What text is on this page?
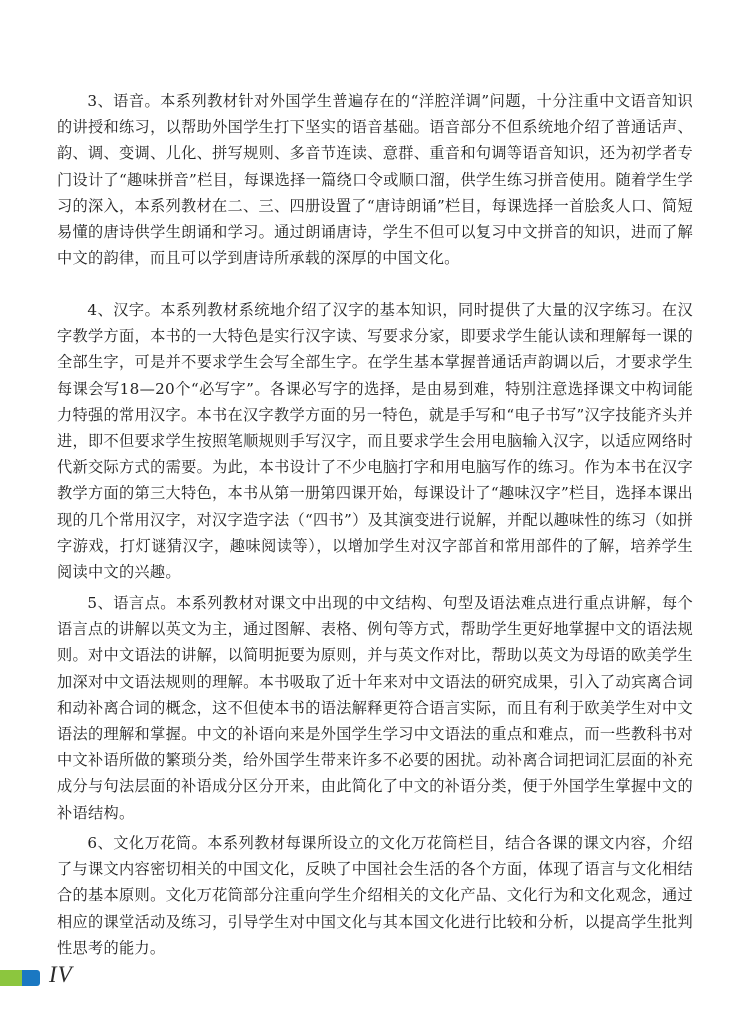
3、语音。本系列教材针对外国学生普遍存在的“洋腔洋调”问题，十分注重中文语音知识的讲授和练习，以帮助外国学生打下坚实的语音基础。语音部分不但系统地介绍了普通话声、韵、调、变调、儿化、拼写规则、多音节连读、意群、重音和句调等语音知识，还为初学者专门设计了“趣味拼音”栏目，每课选择一篇绕口令或顺口溜，供学生练习拼音使用。随着学生学习的深入，本系列教材在二、三、四册设置了“唐诗朗诵”栏目，每课选择一首脍炙人口、简短易懂的唐诗供学生朗诵和学习。通过朗诵唐诗，学生不但可以复习中文拼音的知识，进而了解中文的韵律，而且可以学到唐诗所承载的深厚的中国文化。

4、汉字。本系列教材系统地介绍了汉字的基本知识，同时提供了大量的汉字练习。在汉字教学方面，本书的一大特色是实行汉字读、写要求分家，即要求学生能认读和理解每一课的全部生字，可是并不要求学生会写全部生字。在学生基本掌握普通话声韵调以后，才要求学生每课会写18—20个“必写字”。各课必写字的选择，是由易到难，特别注意选择课文中构词能力特强的常用汉字。本书在汉字教学方面的另一特色，就是手写和“电子书写”汉字技能齐头并进，即不但要求学生按照笔顺规则手写汉字，而且要求学生会用电脑输入汉字，以适应网络时代新交际方式的需要。为此，本书设计了不少电脑打字和用电脑写作的练习。作为本书在汉字教学方面的第三大特色，本书从第一册第四课开始，每课设计了“趣味汉字”栏目，选择本课出现的几个常用汉字，对汉字造字法（“四书”）及其演变进行说解，并配以趣味性的练习（如拼字游戏，打灯谜猜汉字，趣味阅读等），以增加学生对汉字部首和常用部件的了解，培养学生阅读中文的兴趣。

5、语言点。本系列教材对课文中出现的中文结构、句型及语法难点进行重点讲解，每个语言点的讲解以英文为主，通过图解、表格、例句等方式，帮助学生更好地掌握中文的语法规则。对中文语法的讲解，以简明扼要为原则，并与英文作对比，帮助以英文为母语的欧美学生加深对中文语法规则的理解。本书吸取了近十年来对中文语法的研究成果，引入了动宾离合词和动补离合词的概念，这不但使本书的语法解释更符合语言实际，而且有利于欧美学生对中文语法的理解和掌握。中文的补语向来是外国学生学习中文语法的重点和难点，而一些教科书对中文补语所做的繁琐分类，给外国学生带来许多不必要的困扰。动补离合词把词汇层面的补充成分与句法层面的补语成分区分开来，由此简化了中文的补语分类，便于外国学生掌握中文的补语结构。

6、文化万花筒。本系列教材每课所设立的文化万花筒栏目，结合各课的课文内容，介绍了与课文内容密切相关的中国文化，反映了中国社会生活的各个方面，体现了语言与文化相结合的基本原则。文化万花筒部分注重向学生介绍相关的文化产品、文化行为和文化观念，通过相应的课堂活动及练习，引导学生对中国文化与其本国文化进行比较和分析，以提高学生批判性思考的能力。

IV
